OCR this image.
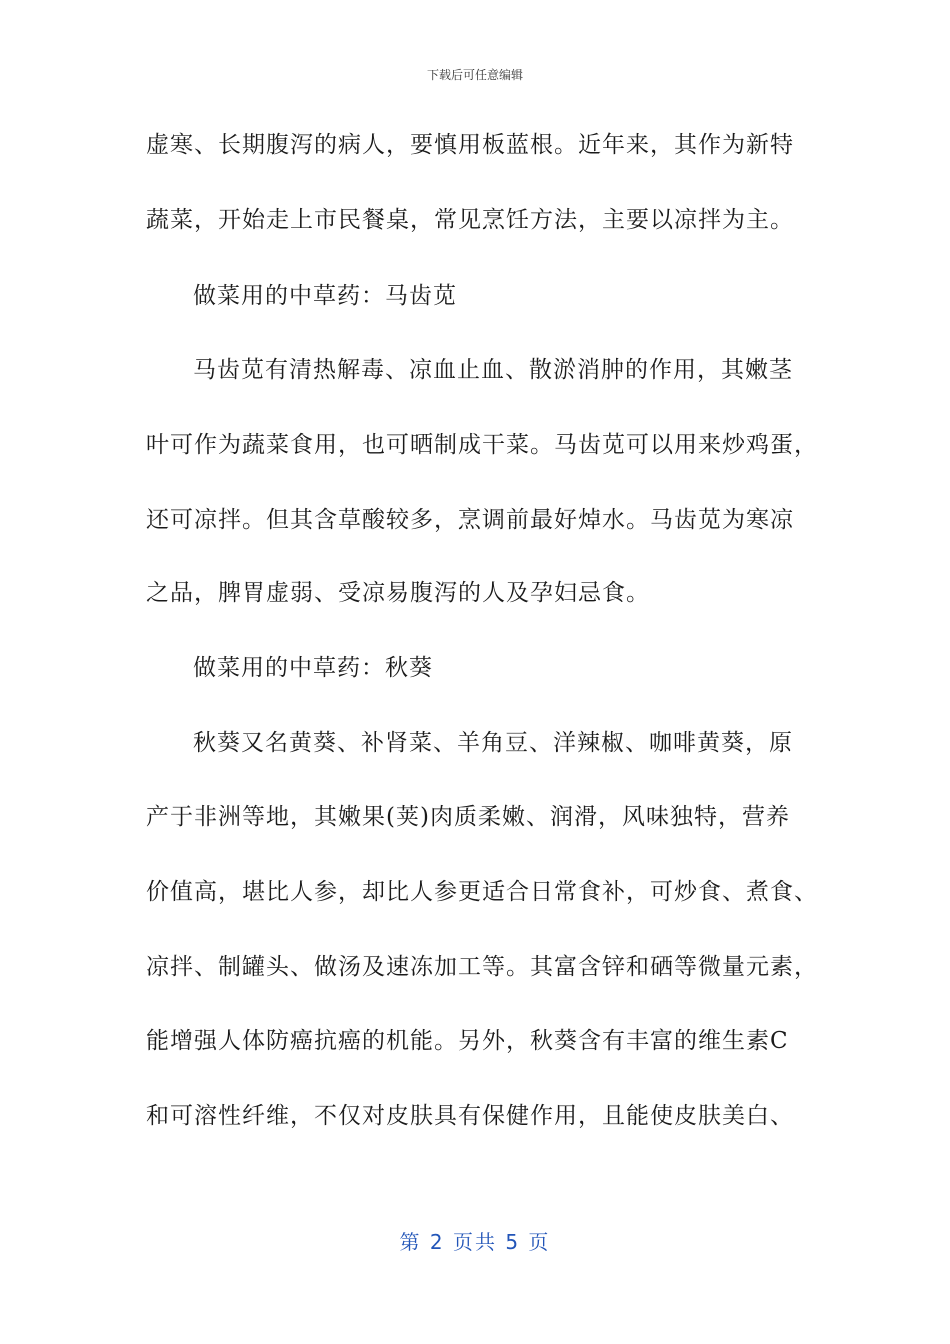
下载后可任意编辑
虚寒、长期腹泻的病人，要慎用板蓝根。近年来，其作为新特
蔬菜，开始走上市民餐桌，常见烹饪方法，主要以凉拌为主。
做菜用的中草药：马齿苋
马齿苋有清热解毒、凉血止血、散淤消肿的作用，其嫩茎
叶可作为蔬菜食用，也可晒制成干菜。马齿苋可以用来炒鸡蛋，
还可凉拌。但其含草酸较多，烹调前最好焯水。马齿苋为寒凉
之品，脾胃虚弱、受凉易腹泻的人及孕妇忌食。
做菜用的中草药：秋葵
秋葵又名黄葵、补肾菜、羊角豆、洋辣椒、咖啡黄葵，原
产于非洲等地，其嫩果(荚)肉质柔嫩、润滑，风味独特，营养
价值高，堪比人参，却比人参更适合日常食补，可炒食、煮食、
凉拌、制罐头、做汤及速冻加工等。其富含锌和硒等微量元素，
能增强人体防癌抗癌的机能。另外，秋葵含有丰富的维生素C
和可溶性纤维，不仅对皮肤具有保健作用，且能使皮肤美白、
第 2 页共 5 页
